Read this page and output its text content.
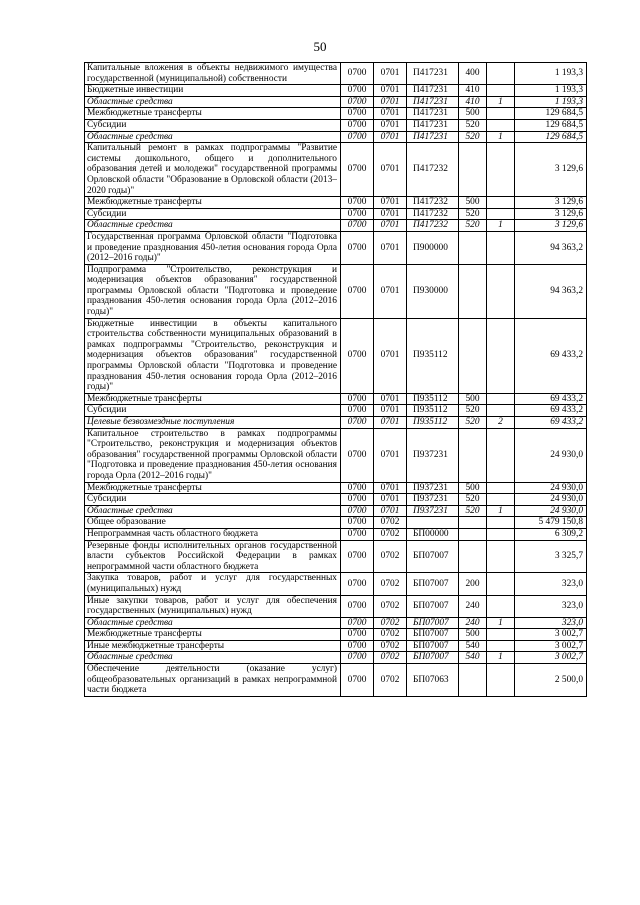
50
Капитальные вложения в объекты недвижимого имущества государственной (муниципальной) собственности	0700	0701	П417231	400		1 193,3
Бюджетные инвестиции	0700	0701	П417231	410		1 193,3
Областные средства	0700	0701	П417231	410	1	1 193,3
Межбюджетные трансферты	0700	0701	П417231	500		129 684,5
Субсидии	0700	0701	П417231	520		129 684,5
Областные средства	0700	0701	П417231	520	1	129 684,5
Капитальный ремонт в рамках подпрограммы "Развитие системы дошкольного, общего и дополнительного образования детей и молодежи" государственной программы Орловской области "Образование в Орловской области (2013–2020 годы)"	0700	0701	П417232			3 129,6
Межбюджетные трансферты	0700	0701	П417232	500		3 129,6
Субсидии	0700	0701	П417232	520		3 129,6
Областные средства	0700	0701	П417232	520	1	3 129,6
Государственная программа Орловской области "Подготовка и проведение празднования 450-летия основания города Орла (2012–2016 годы)"	0700	0701	П900000			94 363,2
Подпрограмма "Строительство, реконструкция и модернизация объектов образования" государственной программы Орловской области "Подготовка и проведение празднования 450-летия основания города Орла (2012–2016 годы)"	0700	0701	П930000			94 363,2
Бюджетные инвестиции в объекты капитального строительства собственности муниципальных образований в рамках подпрограммы "Строительство, реконструкция и модернизация объектов образования" государственной программы Орловской области "Подготовка и проведение празднования 450-летия основания города Орла (2012–2016 годы)"	0700	0701	П935112			69 433,2
Межбюджетные трансферты	0700	0701	П935112	500		69 433,2
Субсидии	0700	0701	П935112	520		69 433,2
Целевые безвозмездные поступления	0700	0701	П935112	520	2	69 433,2
Капитальное строительство в рамках подпрограммы "Строительство, реконструкция и модернизация объектов образования" государственной программы Орловской области "Подготовка и проведение празднования 450-летия основания города Орла (2012–2016 годы)"	0700	0701	П937231			24 930,0
Межбюджетные трансферты	0700	0701	П937231	500		24 930,0
Субсидии	0700	0701	П937231	520		24 930,0
Областные средства	0700	0701	П937231	520	1	24 930,0
Общее образование	0700	0702				5 479 150,8
Непрограммная часть областного бюджета	0700	0702	БП00000			6 309,2
Резервные фонды исполнительных органов государственной власти субъектов Российской Федерации в рамках непрограммной части областного бюджета	0700	0702	БП07007			3 325,7
Закупка товаров, работ и услуг для государственных (муниципальных) нужд	0700	0702	БП07007	200		323,0
Иные закупки товаров, работ и услуг для обеспечения государственных (муниципальных) нужд	0700	0702	БП07007	240		323,0
Областные средства	0700	0702	БП07007	240	1	323,0
Межбюджетные трансферты	0700	0702	БП07007	500		3 002,7
Иные межбюджетные трансферты	0700	0702	БП07007	540		3 002,7
Областные средства	0700	0702	БП07007	540	1	3 002,7
Обеспечение деятельности (оказание услуг) общеобразовательных организаций в рамках непрограммной части бюджета	0700	0702	БП07063			2 500,0
